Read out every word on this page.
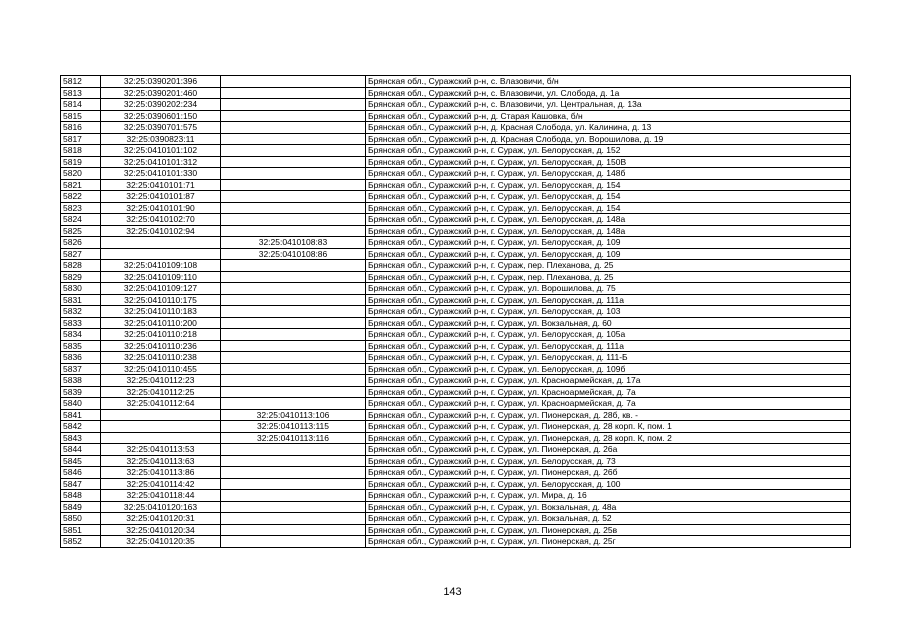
5812	32:25:0390201:396		Брянская обл., Суражский р-н, с. Влазовичи, б/н
5813	32:25:0390201:460		Брянская обл., Суражский р-н, с. Влазовичи, ул. Слобода, д. 1а
5814	32:25:0390202:234		Брянская обл., Суражский р-н, с. Влазовичи, ул. Центральная, д. 13а
5815	32:25:0390601:150		Брянская обл., Суражский р-н, д. Старая Кашовка, б/н
5816	32:25:0390701:575		Брянская обл., Суражский р-н, д. Красная Слобода, ул. Калинина, д. 13
5817	32:25:0390823:11		Брянская обл., Суражский р-н, д. Красная Слобода, ул. Ворошилова, д. 19
5818	32:25:0410101:102		Брянская обл., Суражский р-н, г. Сураж, ул. Белорусская, д. 152
5819	32:25:0410101:312		Брянская обл., Суражский р-н, г. Сураж, ул. Белорусская, д. 150В
5820	32:25:0410101:330		Брянская обл., Суражский р-н, г. Сураж, ул. Белорусская, д. 148б
5821	32:25:0410101:71		Брянская обл., Суражский р-н, г. Сураж, ул. Белорусская, д. 154
5822	32:25:0410101:87		Брянская обл., Суражский р-н, г. Сураж, ул. Белорусская, д. 154
5823	32:25:0410101:90		Брянская обл., Суражский р-н, г. Сураж, ул. Белорусская, д. 154
5824	32:25:0410102:70		Брянская обл., Суражский р-н, г. Сураж, ул. Белорусская, д. 148а
5825	32:25:0410102:94		Брянская обл., Суражский р-н, г. Сураж, ул. Белорусская, д. 148а
5826		32:25:0410108:83	Брянская обл., Суражский р-н, г. Сураж, ул. Белорусская, д. 109
5827		32:25:0410108:86	Брянская обл., Суражский р-н, г. Сураж, ул. Белорусская, д. 109
5828	32:25:0410109:108		Брянская обл., Суражский р-н, г. Сураж, пер. Плеханова, д. 25
5829	32:25:0410109:110		Брянская обл., Суражский р-н, г. Сураж, пер. Плеханова, д. 25
5830	32:25:0410109:127		Брянская обл., Суражский р-н, г. Сураж, ул. Ворошилова, д. 75
5831	32:25:0410110:175		Брянская обл., Суражский р-н, г. Сураж, ул. Белорусская, д. 111а
5832	32:25:0410110:183		Брянская обл., Суражский р-н, г. Сураж, ул. Белорусская, д. 103
5833	32:25:0410110:200		Брянская обл., Суражский р-н, г. Сураж, ул. Вокзальная, д. 60
5834	32:25:0410110:218		Брянская обл., Суражский р-н, г. Сураж, ул. Белорусская, д. 105а
5835	32:25:0410110:236		Брянская обл., Суражский р-н, г. Сураж, ул. Белорусская, д. 111а
5836	32:25:0410110:238		Брянская обл., Суражский р-н, г. Сураж, ул. Белорусская, д. 111-Б
5837	32:25:0410110:455		Брянская обл., Суражский р-н, г. Сураж, ул. Белорусская, д. 109б
5838	32:25:0410112:23		Брянская обл., Суражский р-н, г. Сураж, ул. Красноармейская, д. 17а
5839	32:25:0410112:25		Брянская обл., Суражский р-н, г. Сураж, ул. Красноармейская, д. 7а
5840	32:25:0410112:64		Брянская обл., Суражский р-н, г. Сураж, ул. Красноармейская, д. 7а
5841		32:25:0410113:106	Брянская обл., Суражский р-н, г. Сураж, ул. Пионерская, д. 28б, кв. -
5842		32:25:0410113:115	Брянская обл., Суражский р-н, г. Сураж, ул. Пионерская, д. 28 корп. К, пом. 1
5843		32:25:0410113:116	Брянская обл., Суражский р-н, г. Сураж, ул. Пионерская, д. 28 корп. К, пом. 2
5844	32:25:0410113:53		Брянская обл., Суражский р-н, г. Сураж, ул. Пионерская, д. 26а
5845	32:25:0410113:63		Брянская обл., Суражский р-н, г. Сураж, ул. Белорусская, д. 73
5846	32:25:0410113:86		Брянская обл., Суражский р-н, г. Сураж, ул. Пионерская, д. 26б
5847	32:25:0410114:42		Брянская обл., Суражский р-н, г. Сураж, ул. Белорусская, д. 100
5848	32:25:0410118:44		Брянская обл., Суражский р-н, г. Сураж, ул. Мира, д. 16
5849	32:25:0410120:163		Брянская обл., Суражский р-н, г. Сураж, ул. Вокзальная, д. 48а
5850	32:25:0410120:31		Брянская обл., Суражский р-н, г. Сураж, ул. Вокзальная, д. 52
5851	32:25:0410120:34		Брянская обл., Суражский р-н, г. Сураж, ул. Пионерская, д. 25в
5852	32:25:0410120:35		Брянская обл., Суражский р-н, г. Сураж, ул. Пионерская, д. 25г
143
